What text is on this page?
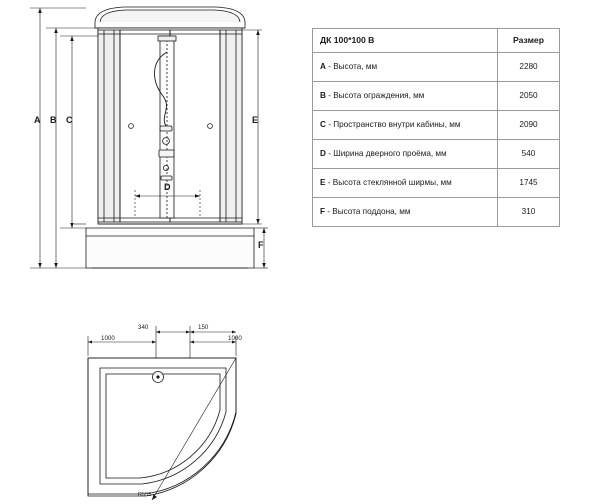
ДК 100*100 В	Размер
A - Высота, мм	2280
B - Высота ограждения, мм	2050
C - Пространство внутри кабины, мм	2090
D - Ширина дверного проёма, мм	540
E - Высота стеклянной ширмы, мм	1745
F - Высота поддона, мм	310
A B C
D
E
F
340	150
1000	1000
R555
